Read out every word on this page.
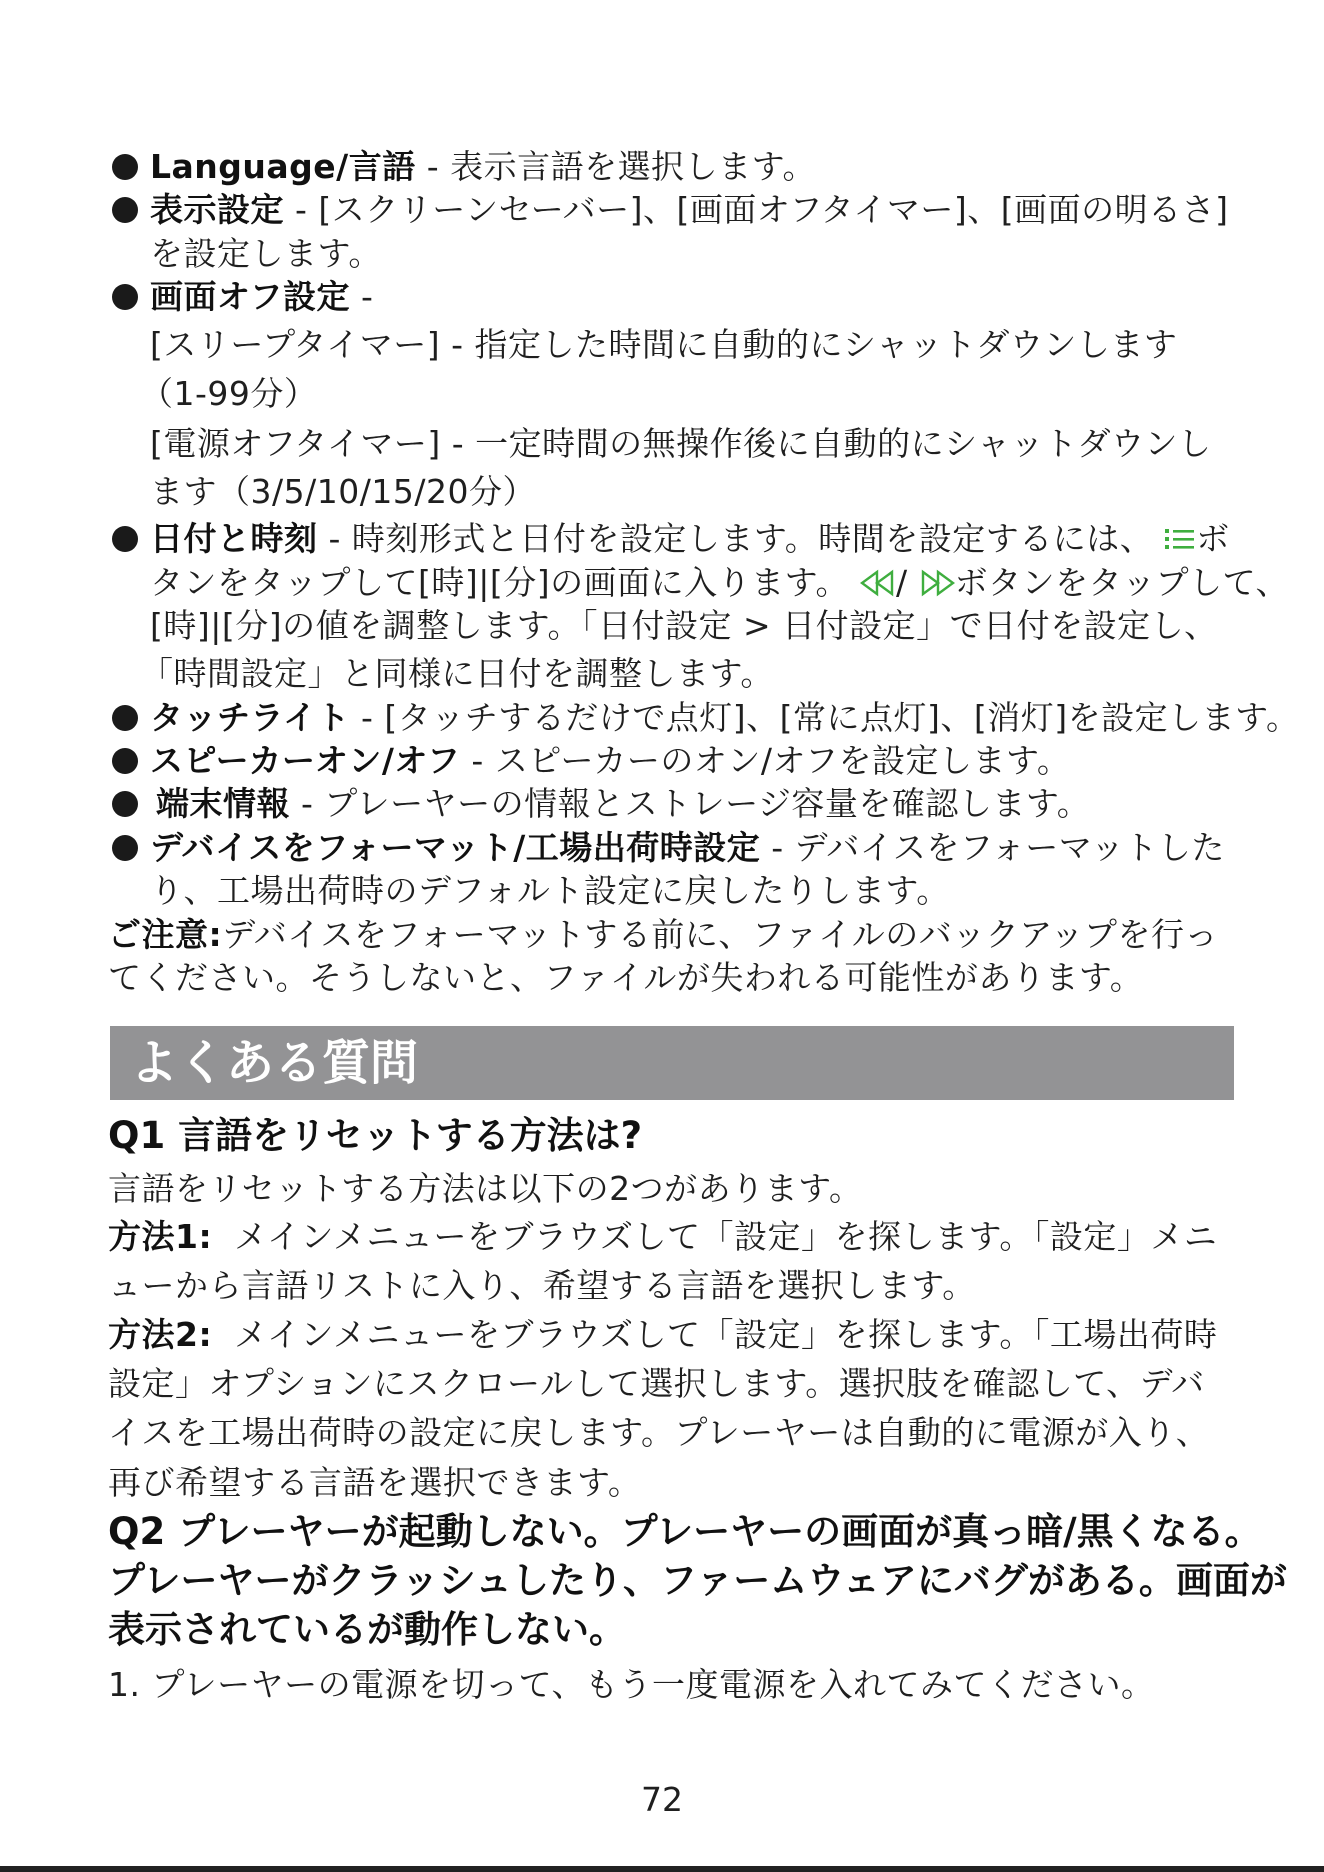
Language/言語 - 表示言語を選択します。
表示設定 - [スクリーンセーバー]、[画面オフタイマー]、[画面の明るさ]
を設定します。
画面オフ設定 -
[スリープタイマー] - 指定した時間に自動的にシャットダウンします
（1-99分）
[電源オフタイマー] - 一定時間の無操作後に自動的にシャットダウンし
ます（3/5/10/15/20分）
日付と時刻 - 時刻形式と日付を設定します。時間を設定するには、 ボ
タンをタップして[時]|[分]の画面に入ります。 / ボタンをタップして、
[時]|[分]の値を調整します。「日付設定 > 日付設定」で日付を設定し、
「時間設定」と同様に日付を調整します。
タッチライト - [タッチするだけで点灯]、[常に点灯]、[消灯]を設定します。
スピーカーオン/オフ - スピーカーのオン/オフを設定します。
端末情報 - プレーヤーの情報とストレージ容量を確認します。
デバイスをフォーマット/工場出荷時設定 - デバイスをフォーマットした
り、工場出荷時のデフォルト設定に戻したりします。
ご注意:デバイスをフォーマットする前に、ファイルのバックアップを行っ
てください。そうしないと、ファイルが失われる可能性があります。
よくある質問
Q1 言語をリセットする方法は?
言語をリセットする方法は以下の2つがあります。
方法1: メインメニューをブラウズして「設定」を探します。「設定」メニ
ューから言語リストに入り、希望する言語を選択します。
方法2: メインメニューをブラウズして「設定」を探します。「工場出荷時
設定」オプションにスクロールして選択します。選択肢を確認して、デバ
イスを工場出荷時の設定に戻します。プレーヤーは自動的に電源が入り、
再び希望する言語を選択できます。
Q2 プレーヤーが起動しない。プレーヤーの画面が真っ暗/黒くなる。
プレーヤーがクラッシュしたり、ファームウェアにバグがある。画面が
表示されているが動作しない。
1. プレーヤーの電源を切って、もう一度電源を入れてみてください。
72
